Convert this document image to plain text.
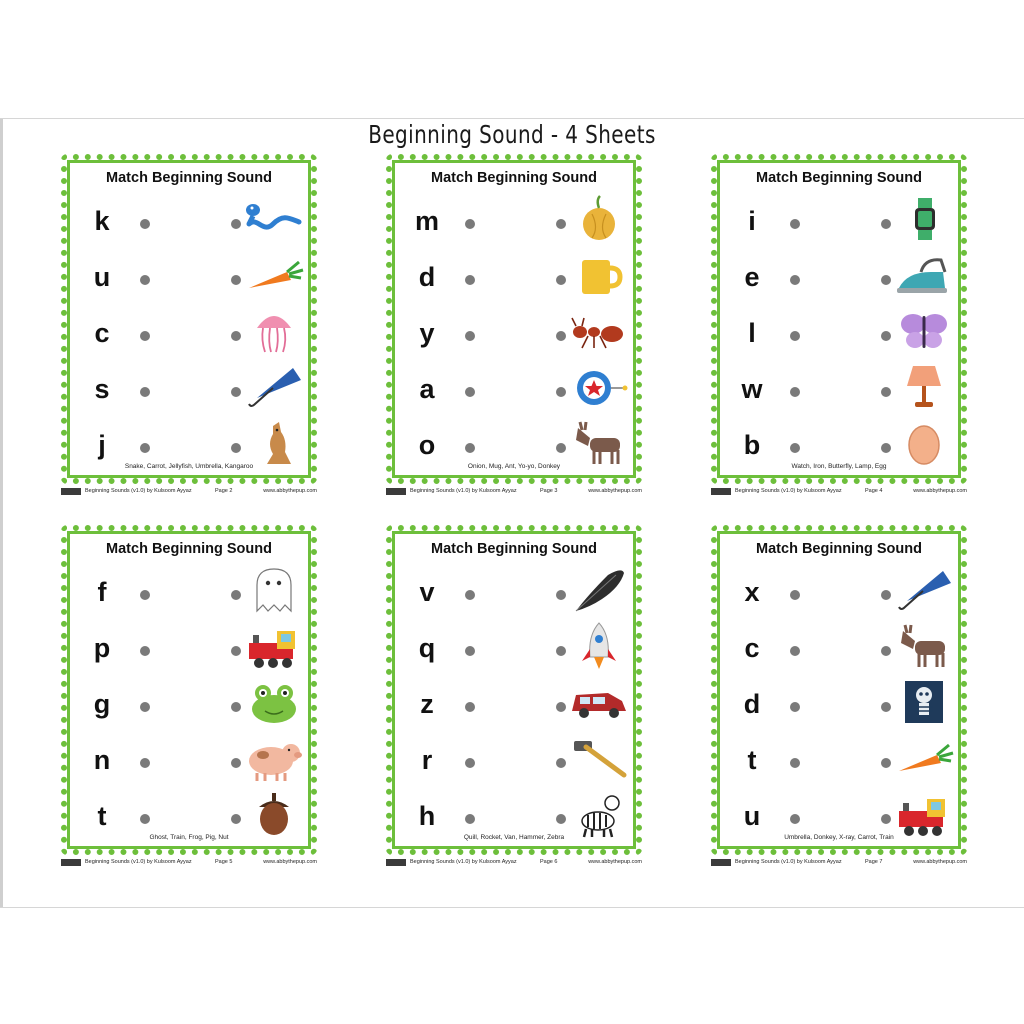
Beginning Sound - 4 Sheets
Match Beginning Sound
k
u
c
s
j
Snake, Carrot, Jellyfish, Umbrella, Kangaroo
Beginning Sounds (v1.0) by Kulsoom Ayyaz	Page 2	www.abbythepup.com
Match Beginning Sound
m
d
y
a
o
Onion, Mug, Ant, Yo-yo, Donkey
Beginning Sounds (v1.0) by Kulsoom Ayyaz	Page 3	www.abbythepup.com
Match Beginning Sound
i
e
l
w
b
Watch, Iron, Butterfly, Lamp, Egg
Beginning Sounds (v1.0) by Kulsoom Ayyaz	Page 4	www.abbythepup.com
Match Beginning Sound
f
p
g
n
t
Ghost, Train, Frog, Pig, Nut
Beginning Sounds (v1.0) by Kulsoom Ayyaz	Page 5	www.abbythepup.com
Match Beginning Sound
v
q
z
r
h
Quill, Rocket, Van, Hammer, Zebra
Beginning Sounds (v1.0) by Kulsoom Ayyaz	Page 6	www.abbythepup.com
Match Beginning Sound
x
c
d
t
u
Umbrella, Donkey, X-ray, Carrot, Train
Beginning Sounds (v1.0) by Kulsoom Ayyaz	Page 7	www.abbythepup.com
